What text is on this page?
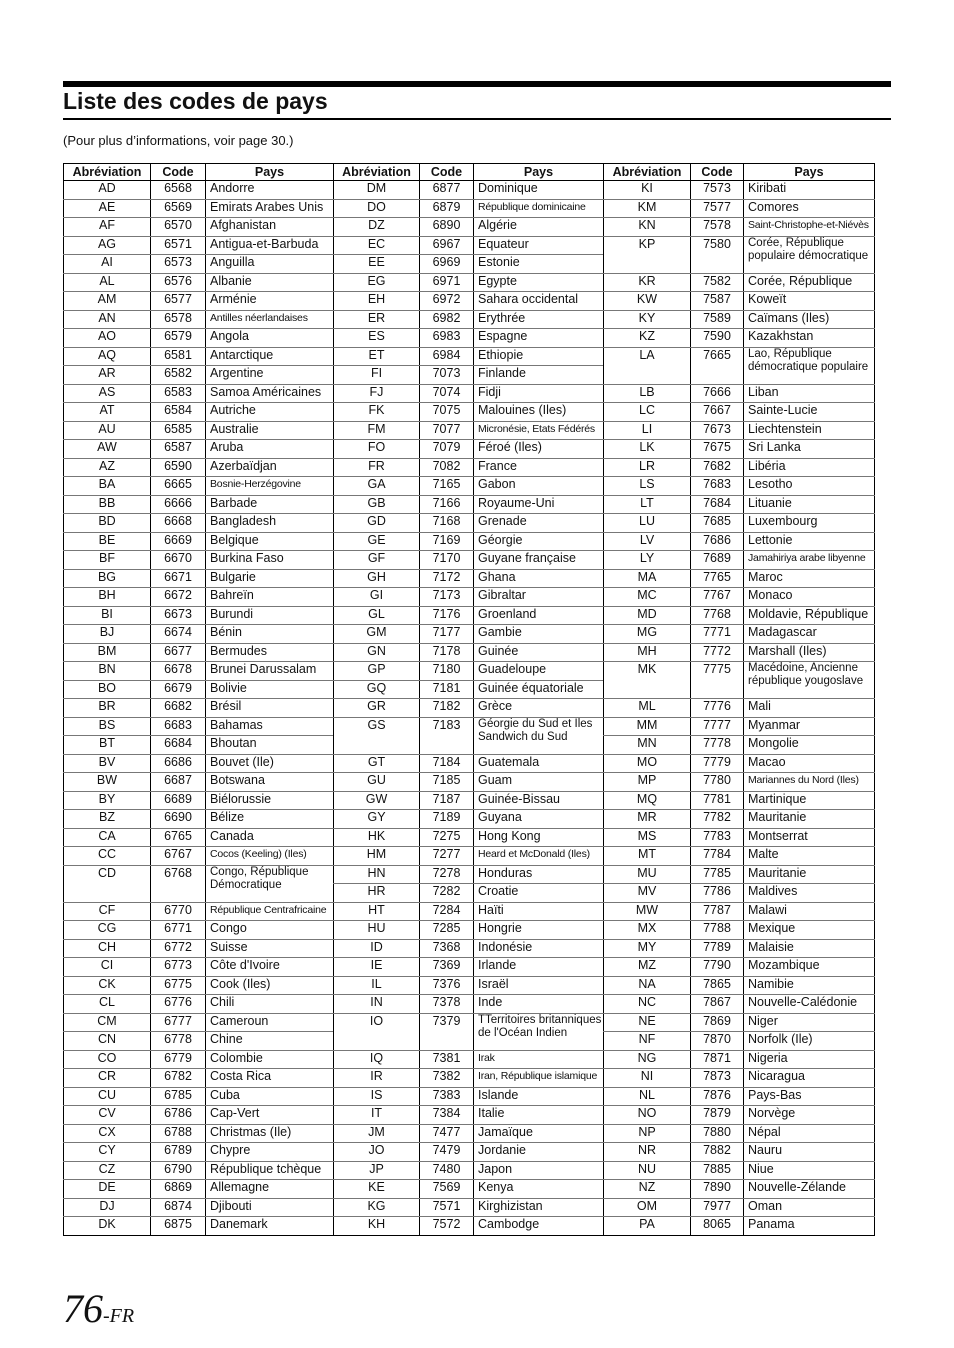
Liste des codes de pays
(Pour plus d’informations, voir page 30.)
Abréviation	Code	Pays
AD	6568	Andorre
AE	6569	Emirats Arabes Unis
AF	6570	Afghanistan
AG	6571	Antigua-et-Barbuda
AI	6573	Anguilla
AL	6576	Albanie
AM	6577	Arménie
AN	6578	Antilles néerlandaises
AO	6579	Angola
AQ	6581	Antarctique
AR	6582	Argentine
AS	6583	Samoa Américaines
AT	6584	Autriche
AU	6585	Australie
AW	6587	Aruba
AZ	6590	Azerbaïdjan
BA	6665	Bosnie-Herzégovine
BB	6666	Barbade
BD	6668	Bangladesh
BE	6669	Belgique
BF	6670	Burkina Faso
BG	6671	Bulgarie
BH	6672	Bahreïn
BI	6673	Burundi
BJ	6674	Bénin
BM	6677	Bermudes
BN	6678	Brunei Darussalam
BO	6679	Bolivie
BR	6682	Brésil
BS	6683	Bahamas
BT	6684	Bhoutan
BV	6686	Bouvet (Ile)
BW	6687	Botswana
BY	6689	Biélorussie
BZ	6690	Bélize
CA	6765	Canada
CC	6767	Cocos (Keeling) (Iles)
CD	6768	Congo, République Démocratique
CF	6770	République Centrafricaine
CG	6771	Congo
CH	6772	Suisse
CI	6773	Côte d'Ivoire
CK	6775	Cook (Iles)
CL	6776	Chili
CM	6777	Cameroun
CN	6778	Chine
CO	6779	Colombie
CR	6782	Costa Rica
CU	6785	Cuba
CV	6786	Cap-Vert
CX	6788	Christmas (Ile)
CY	6789	Chypre
CZ	6790	République tchèque
DE	6869	Allemagne
DJ	6874	Djibouti
DK	6875	Danemark
Abréviation	Code	Pays
DM	6877	Dominique
DO	6879	République dominicaine
DZ	6890	Algérie
EC	6967	Equateur
EE	6969	Estonie
EG	6971	Egypte
EH	6972	Sahara occidental
ER	6982	Erythrée
ES	6983	Espagne
ET	6984	Ethiopie
FI	7073	Finlande
FJ	7074	Fidji
FK	7075	Malouines (Iles)
FM	7077	Micronésie, Etats Fédérés
FO	7079	Féroé (Iles)
FR	7082	France
GA	7165	Gabon
GB	7166	Royaume-Uni
GD	7168	Grenade
GE	7169	Géorgie
GF	7170	Guyane française
GH	7172	Ghana
GI	7173	Gibraltar
GL	7176	Groenland
GM	7177	Gambie
GN	7178	Guinée
GP	7180	Guadeloupe
GQ	7181	Guinée équatoriale
GR	7182	Grèce
GS	7183	Géorgie du Sud et Iles Sandwich du Sud
GT	7184	Guatemala
GU	7185	Guam
GW	7187	Guinée-Bissau
GY	7189	Guyana
HK	7275	Hong Kong
HM	7277	Heard et McDonald (Iles)
HN	7278	Honduras
HR	7282	Croatie
HT	7284	Haïti
HU	7285	Hongrie
ID	7368	Indonésie
IE	7369	Irlande
IL	7376	Israël
IN	7378	Inde
IO	7379	TTerritoires britanniques de l'Océan Indien
IQ	7381	Irak
IR	7382	Iran, République islamique
IS	7383	Islande
IT	7384	Italie
JM	7477	Jamaïque
JO	7479	Jordanie
JP	7480	Japon
KE	7569	Kenya
KG	7571	Kirghizistan
KH	7572	Cambodge
Abréviation	Code	Pays
KI	7573	Kiribati
KM	7577	Comores
KN	7578	Saint-Christophe-et-Niévès
KP	7580	Corée, République populaire démocratique
KR	7582	Corée, République
KW	7587	Koweït
KY	7589	Caïmans (Iles)
KZ	7590	Kazakhstan
LA	7665	Lao, République démocratique populaire
LB	7666	Liban
LC	7667	Sainte-Lucie
LI	7673	Liechtenstein
LK	7675	Sri Lanka
LR	7682	Libéria
LS	7683	Lesotho
LT	7684	Lituanie
LU	7685	Luxembourg
LV	7686	Lettonie
LY	7689	Jamahiriya arabe libyenne
MA	7765	Maroc
MC	7767	Monaco
MD	7768	Moldavie, République
MG	7771	Madagascar
MH	7772	Marshall (Iles)
MK	7775	Macédoine, Ancienne république yougoslave
ML	7776	Mali
MM	7777	Myanmar
MN	7778	Mongolie
MO	7779	Macao
MP	7780	Mariannes du Nord (Iles)
MQ	7781	Martinique
MR	7782	Mauritanie
MS	7783	Montserrat
MT	7784	Malte
MU	7785	Mauritanie
MV	7786	Maldives
MW	7787	Malawi
MX	7788	Mexique
MY	7789	Malaisie
MZ	7790	Mozambique
NA	7865	Namibie
NC	7867	Nouvelle-Calédonie
NE	7869	Niger
NF	7870	Norfolk (Ile)
NG	7871	Nigeria
NI	7873	Nicaragua
NL	7876	Pays-Bas
NO	7879	Norvège
NP	7880	Népal
NR	7882	Nauru
NU	7885	Niue
NZ	7890	Nouvelle-Zélande
OM	7977	Oman
PA	8065	Panama
76-FR
